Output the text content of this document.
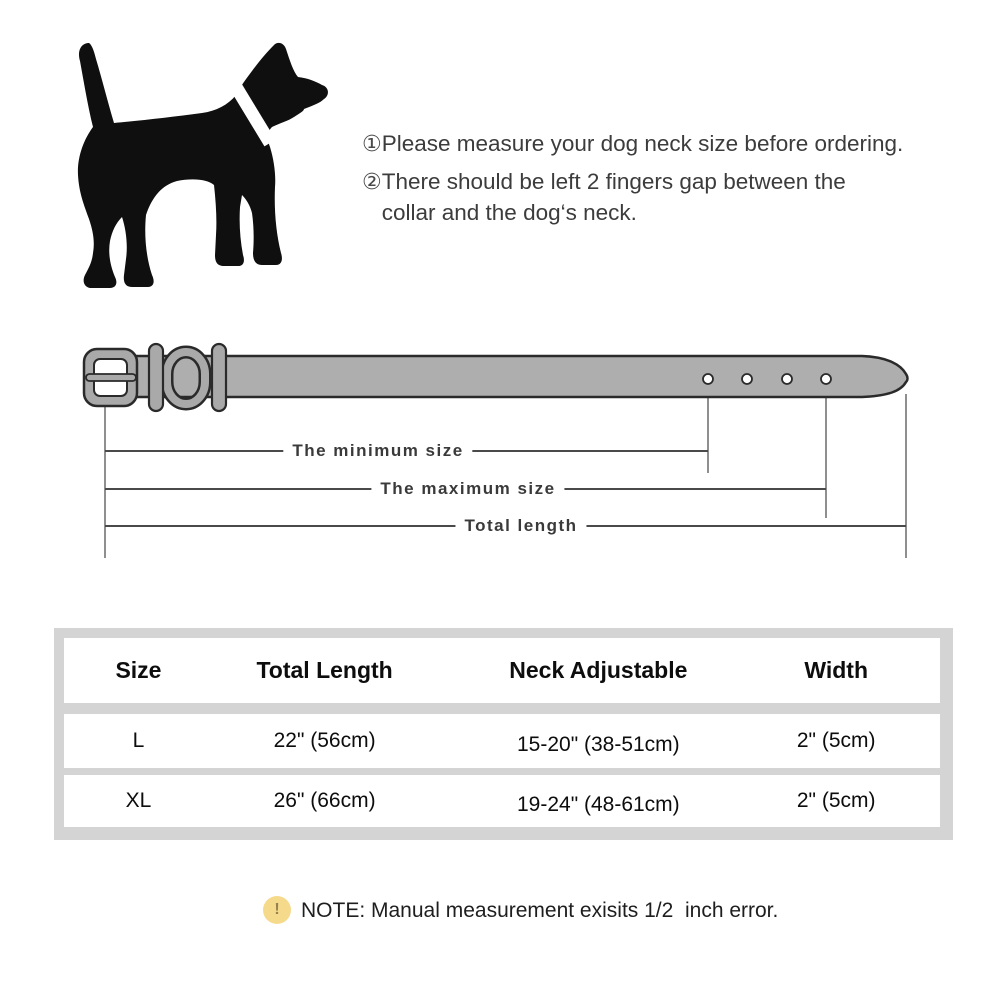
① Please measure your dog neck size before ordering.
② There should be left 2 fingers gap between the
collar and the dog‘s neck.
The minimum size
The maximum size
Total length
Size	Total Length	Neck Adjustable	Width
L	22" (56cm)	15-20" (38-51cm)	2" (5cm)
XL	26" (66cm)	19-24" (48-61cm)	2" (5cm)
!	NOTE: Manual measurement exisits 1/2  inch error.
